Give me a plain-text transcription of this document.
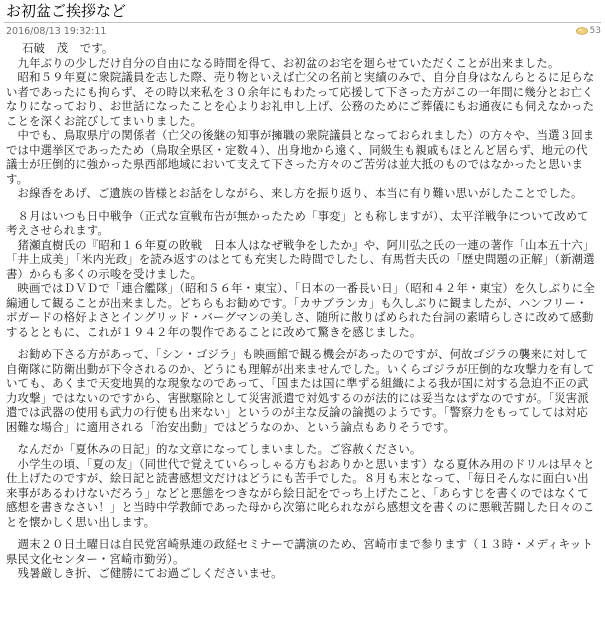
お初盆ご挨拶など
2016/08/13 19:32:11	53

石破　茂　です。

　九年ぶりの少しだけ自分の自由になる時間を得て、お初盆のお宅を廻らせていただくことが出来ました。

　昭和５９年夏に衆院議員を志した際、売り物といえば亡父の名前と実績のみで、自分自身はなんらとるに足らない者であったにも拘らず、その時以来私を３０余年にもわたって応援して下さった方がこの一年間に幾分とお亡くなりになっており、お世話になったことを心よりお礼申し上げ、公務のためにご葬儀にもお通夜にも伺えなかったことを深くお詫びしてまいりました。

　中でも、鳥取県庁の関係者（亡父の後継の知事が擁職の衆院議員となっておられました）の方々や、当選３回までは中選挙区であったため（鳥取全県区・定数４）、出身地から遠く、同級生も親戚もほとんど居らず、地元の代議士が圧倒的に強かった県西部地域において支えて下さった方々のご苦労は並大抵のものではなかったと思います。

　お線香をあげ、ご遺族の皆様とお話をしながら、来し方を振り返り、本当に有り難い思いがしたことでした。

　８月はいつも日中戦争（正式な宣戦布告が無かったため「事変」とも称しますが）、太平洋戦争について改めて考えさせられます。

　猪瀬直樹氏の『昭和１６年夏の敗戦　日本人はなぜ戦争をしたか』や、阿川弘之氏の一連の著作「山本五十六」「井上成美」「米内光政」を読み返すのはとても充実した時間でしたし、有馬哲夫氏の「歴史問題の正解」（新潮選書）からも多くの示唆を受けました。

　映画ではＤＶＤで「連合艦隊」（昭和５６年・東宝）、「日本の一番長い日」（昭和４２年・東宝）を久しぶりに全編通して観ることが出来ました。どちらもお勧めです。「カサブランカ」も久しぶりに観ましたが、ハンフリー・ボガードの格好よさとイングリッド・バーグマンの美しさ、随所に散りばめられた台詞の素晴らしさに改めて感動するとともに、これが１９４２年の製作であることに改めて驚きを感じました。

　お勧め下さる方があって、「シン・ゴジラ」も映画館で観る機会があったのですが、何故ゴジラの襲来に対して自衛隊に防衛出動が下令されるのか、どうにも理解が出来ませんでした。いくらゴジラが圧倒的な攻撃力を有していても、あくまで天変地異的な現象なのであって、「国または国に準ずる組織による我が国に対する急迫不正の武力攻撃」ではないのですから、害獣駆除として災害派遣で対処するのが法的には妥当なはずなのですが。「災害派遣では武器の使用も武力の行使も出来ない」というのが主な反論の論拠のようです。「警察力をもってしては対応困難な場合」に適用される「治安出動」ではどうなのか、という論点もありそうです。

　なんだか「夏休みの日記」的な文章になってしまいました。ご容赦ください。

　小学生の頃、「夏の友」（同世代で覚えていらっしゃる方もおありかと思います）なる夏休み用のドリルは早々と仕上げたのですが、絵日記と読書感想文だけはどうにも苦手でした。８月も末となって、「毎日そんなに面白い出来事があるわけないだろう」などと悪態をつきながら絵日記をでっち上げたこと、「あらすじを書くのではなくて感想を書きなさい！」と当時中学教師であった母から次第に叱られながら感想文を書くのに悪戦苦闘した日々のことを懐かしく思い出します。

　週末２０日土曜日は自民党宮崎県連の政経セミナーで講演のため、宮崎市まで参ります（１３時・メディキット県民文化センター・宮崎市勤労）。

　残暑厳しき折、ご健勝にてお過ごしくださいませ。
